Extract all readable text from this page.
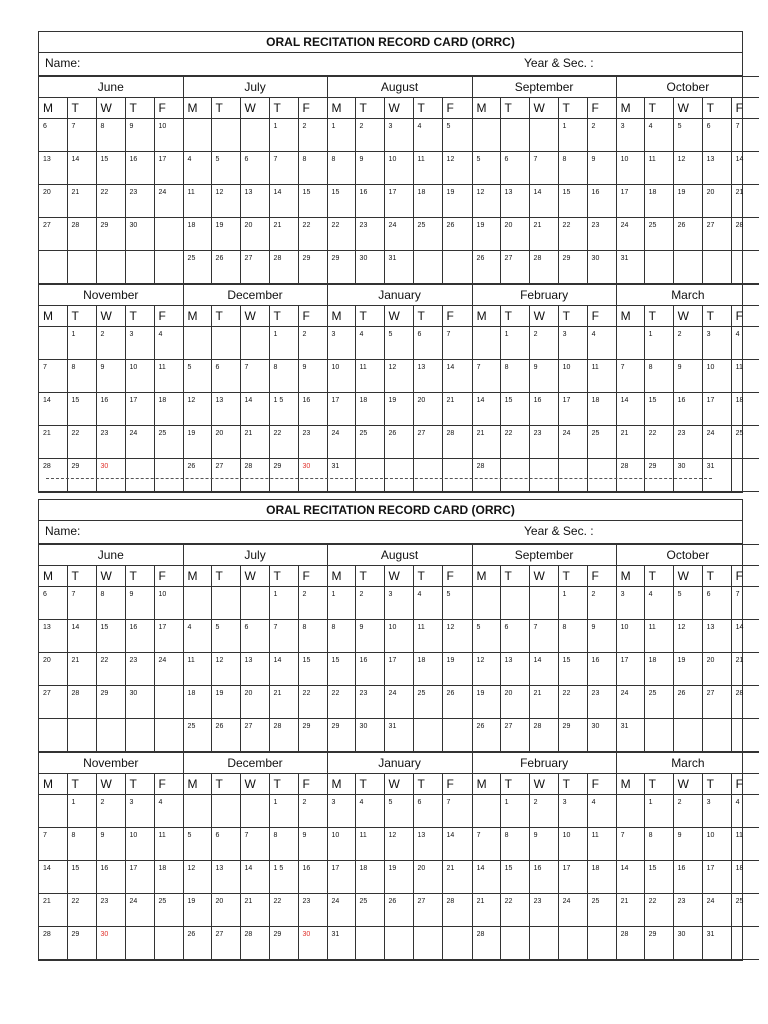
ORAL RECITATION RECORD CARD (ORRC)
Name:	Year & Sec. :
June					July					August					September					October				
M	T	W	T	F	M	T	W	T	F	M	T	W	T	F	M	T	W	T	F	M	T	W	T	F
6	7	8	9	10				1	2	1	2	3	4	5				1	2	3	4	5	6	7
13	14	15	16	17	4	5	6	7	8	8	9	10	11	12	5	6	7	8	9	10	11	12	13	14
20	21	22	23	24	11	12	13	14	15	15	16	17	18	19	12	13	14	15	16	17	18	19	20	21
27	28	29	30		18	19	20	21	22	22	23	24	25	26	19	20	21	22	23	24	25	26	27	28
					25	26	27	28	29	29	30	31			26	27	28	29	30	31				
November					December					January					February					March				
M	T	W	T	F	M	T	W	T	F	M	T	W	T	F	M	T	W	T	F	M	T	W	T	F
	1	2	3	4				1	2	3	4	5	6	7		1	2	3	4		1	2	3	4
7	8	9	10	11	5	6	7	8	9	10	11	12	13	14	7	8	9	10	11	7	8	9	10	11
14	15	16	17	18	12	13	14	1 5	16	17	18	19	20	21	14	15	16	17	18	14	15	16	17	18
21	22	23	24	25	19	20	21	22	23	24	25	26	27	28	21	22	23	24	25	21	22	23	24	25
28	29	30			26	27	28	29	30	31					28					28	29	30	31	
ORAL RECITATION RECORD CARD (ORRC)
Name:	Year & Sec. :
June					July					August					September					October				
M	T	W	T	F	M	T	W	T	F	M	T	W	T	F	M	T	W	T	F	M	T	W	T	F
6	7	8	9	10				1	2	1	2	3	4	5				1	2	3	4	5	6	7
13	14	15	16	17	4	5	6	7	8	8	9	10	11	12	5	6	7	8	9	10	11	12	13	14
20	21	22	23	24	11	12	13	14	15	15	16	17	18	19	12	13	14	15	16	17	18	19	20	21
27	28	29	30		18	19	20	21	22	22	23	24	25	26	19	20	21	22	23	24	25	26	27	28
					25	26	27	28	29	29	30	31			26	27	28	29	30	31				
November					December					January					February					March				
M	T	W	T	F	M	T	W	T	F	M	T	W	T	F	M	T	W	T	F	M	T	W	T	F
	1	2	3	4				1	2	3	4	5	6	7		1	2	3	4		1	2	3	4
7	8	9	10	11	5	6	7	8	9	10	11	12	13	14	7	8	9	10	11	7	8	9	10	11
14	15	16	17	18	12	13	14	1 5	16	17	18	19	20	21	14	15	16	17	18	14	15	16	17	18
21	22	23	24	25	19	20	21	22	23	24	25	26	27	28	21	22	23	24	25	21	22	23	24	25
28	29	30			26	27	28	29	30	31					28					28	29	30	31	
